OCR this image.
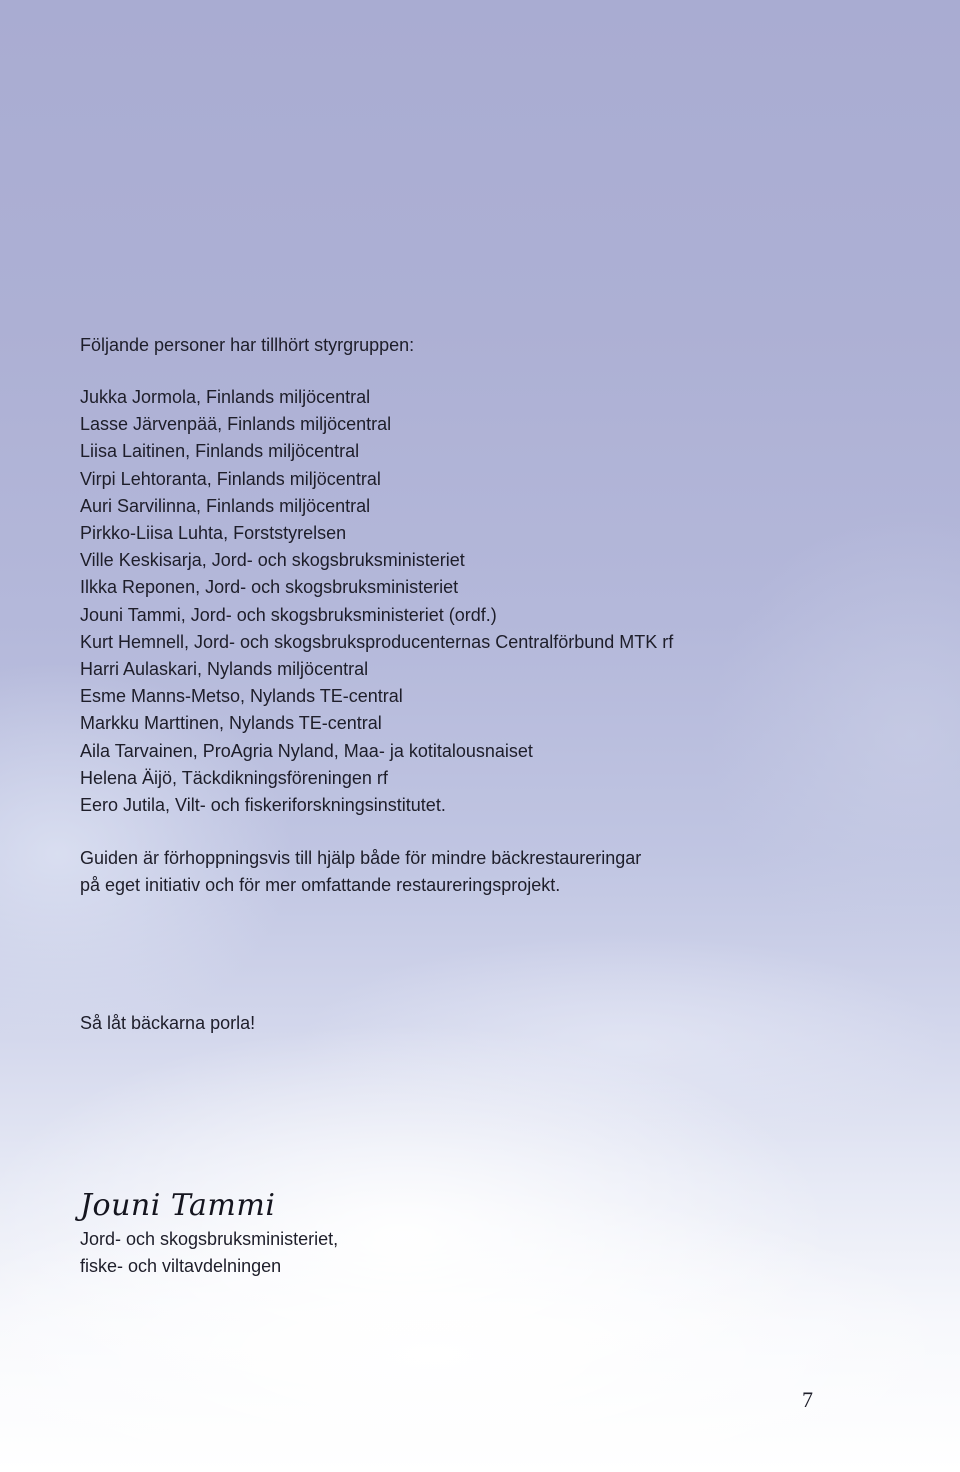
Följande personer har tillhört styrgruppen:

Jukka Jormola, Finlands miljöcentral
Lasse Järvenpää, Finlands miljöcentral
Liisa Laitinen, Finlands miljöcentral
Virpi Lehtoranta, Finlands miljöcentral
Auri Sarvilinna, Finlands miljöcentral
Pirkko-Liisa Luhta, Forststyrelsen
Ville Keskisarja, Jord- och skogsbruksministeriet
Ilkka Reponen, Jord- och skogsbruksministeriet
Jouni Tammi, Jord- och skogsbruksministeriet (ordf.)
Kurt Hemnell, Jord- och skogsbruksproducenternas Centralförbund MTK rf
Harri Aulaskari, Nylands miljöcentral
Esme Manns-Metso, Nylands TE-central
Markku Marttinen, Nylands TE-central
Aila Tarvainen, ProAgria Nyland, Maa- ja kotitalousnaiset
Helena Äijö, Täckdikningsföreningen rf
Eero Jutila, Vilt- och fiskeriforskningsinstitutet.

Guiden är förhoppningsvis till hjälp både för mindre bäckrestaureringar

på eget initiativ och för mer omfattande restaureringsprojekt.

Så låt bäckarna porla!

Jouni Tammi

Jord- och skogsbruksministeriet,

fiske- och viltavdelningen

7
